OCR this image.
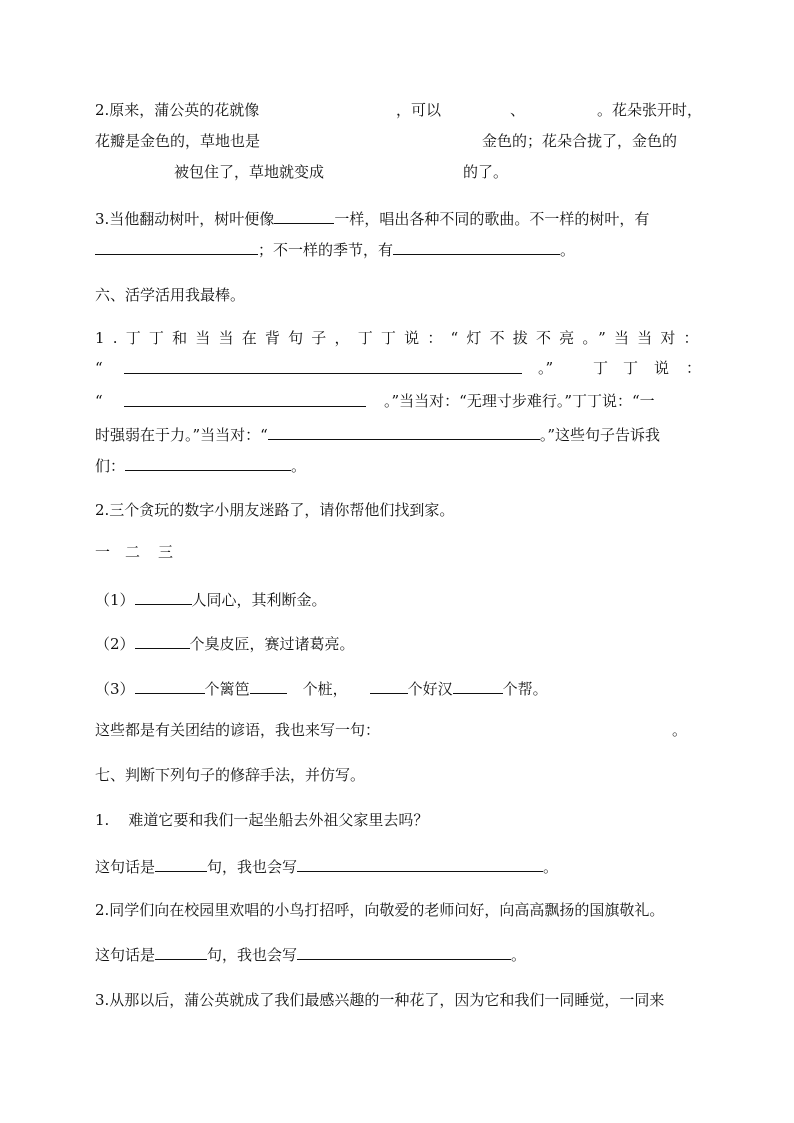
2.原来，蒲公英的花就像	，可以	、	。花朵张开时，
花瓣是金色的，草地也是	金色的；花朵合拢了，金色的
被包住了，草地就变成	的了。
3.当他翻动树叶，树叶便像	一样，唱出各种不同的歌曲。不一样的树叶，有
；不一样的季节，有	。
六、活学活用我最棒。
1.丁丁和当当在背句子，丁丁说：“灯不拔不亮。”当当对：
“	。”	丁 丁 说 ：
“	。”当当对：“无理寸步难行。”丁丁说：“一
时强弱在于力。”当当对：“	。”这些句子告诉我
们：	。
2.三个贪玩的数字小朋友迷路了，请你帮他们找到家。
一 二 三
（1）	人同心，其利断金。
（2）	个臭皮匠，赛过诸葛亮。
（3）	个篱笆	个桩，	个好汉	个帮。
这些都是有关团结的谚语，我也来写一句：	。
七、判断下列句子的修辞手法，并仿写。
1.    难道它要和我们一起坐船去外祖父家里去吗？
这句话是	句，我也会写	。
2.同学们向在校园里欢唱的小鸟打招呼，向敬爱的老师问好，向高高飘扬的国旗敬礼。
这句话是	句，我也会写	。
3.从那以后，蒲公英就成了我们最感兴趣的一种花了，因为它和我们一同睡觉，一同来
